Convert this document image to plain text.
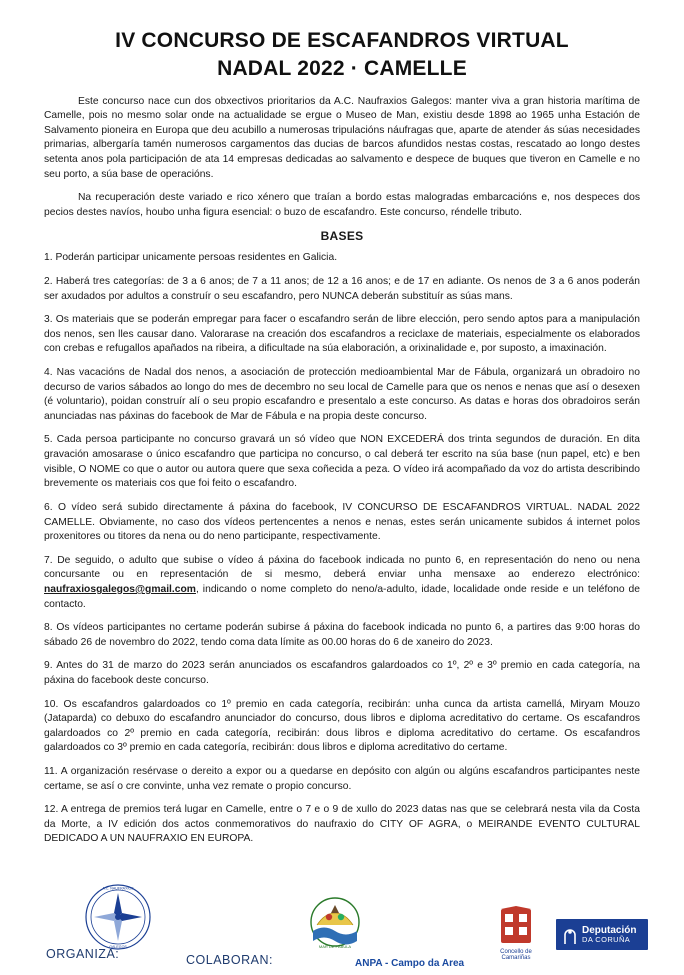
IV CONCURSO DE ESCAFANDROS VIRTUAL
NADAL 2022 · CAMELLE

Este concurso nace cun dos obxectivos prioritarios da A.C. Naufraxios Galegos: manter viva a gran historia marítima de Camelle, pois no mesmo solar onde na actualidade se ergue o Museo de Man, existiu desde 1898 ao 1965 unha Estación de Salvamento pioneira en Europa que deu acubillo a numerosas tripulacións náufragas que, aparte de atender ás súas necesidades primarias, albergaría tamén numerosos cargamentos das ducias de barcos afundidos nestas costas, rescatado ao longo destes setenta anos pola participación de ata 14 empresas dedicadas ao salvamento e despece de buques que tiveron en Camelle e no seu porto, a súa base de operacións.

Na recuperación deste variado e rico xénero que traían a bordo estas malogradas embarcacións e, nos despeces dos pecios destes navíos, houbo unha figura esencial: o buzo de escafandro. Este concurso, réndelle tributo.

BASES

1. Poderán participar unicamente persoas residentes en Galicia.

2. Haberá tres categorías: de 3 a 6 anos; de 7 a 11 anos; de 12 a 16 anos; e de 17 en adiante. Os nenos de 3 a 6 anos poderán ser axudados por adultos a construír o seu escafandro, pero NUNCA deberán substituír as súas mans.

3. Os materiais que se poderán empregar para facer o escafandro serán de libre elección, pero sendo aptos para a manipulación dos nenos, sen lles causar dano. Valorarase na creación dos escafandros a reciclaxe de materiais, especialmente os elaborados con crebas e refugallos apañados na ribeira, a dificultade na súa elaboración, a orixinalidade e, por suposto, a imaxinación.

4. Nas vacacións de Nadal dos nenos, a asociación de protección medioambiental Mar de Fábula, organizará un obradoiro no decurso de varios sábados ao longo do mes de decembro no seu local de Camelle para que os nenos e nenas que así o desexen (é voluntario), poidan construír alí o seu propio escafandro e presentalo a este concurso. As datas e horas dos obradoiros serán anunciadas nas páxinas do facebook de Mar de Fábula e na propia deste concurso.

5. Cada persoa participante no concurso gravará un só vídeo que NON EXCEDERÁ dos trinta segundos de duración. En dita gravación amosarase o único escafandro que participa no concurso, o cal deberá ter escrito na súa base (nun papel, etc) e ben visible, O NOME co que o autor ou autora quere que sexa coñecida a peza. O vídeo irá acompañado da voz do artista describindo brevemente os materiais cos que foi feito o escafandro.

6. O vídeo será subido directamente á páxina do facebook, IV CONCURSO DE ESCAFANDROS VIRTUAL. NADAL 2022 CAMELLE. Obviamente, no caso dos vídeos pertencentes a nenos e nenas, estes serán unicamente subidos á internet polos proxenitores ou titores da nena ou do neno participante, respectivamente.

7. De seguido, o adulto que subise o vídeo á páxina do facebook indicada no punto 6, en representación do neno ou nena concursante ou en representación de si mesmo, deberá enviar unha mensaxe ao enderezo electrónico: naufraxiosgalegos@gmail.com, indicando o nome completo do neno/a-adulto, idade, localidade onde reside e un teléfono de contacto.

8. Os vídeos participantes no certame poderán subirse á páxina do facebook indicada no punto 6, a partires das 9:00 horas do sábado 26 de novembro do 2022, tendo coma data límite as 00.00 horas do 6 de xaneiro do 2023.

9. Antes do 31 de marzo do 2023 serán anunciados os escafandros galardoados co 1º, 2º e 3º premio en cada categoría, na páxina do facebook deste concurso.

10. Os escafandros galardoados co 1º premio en cada categoría, recibirán: unha cunca da artista camellá, Miryam Mouzo (Jataparda) co debuxo do escafandro anunciador do concurso, dous libros e diploma acreditativo do certame. Os escafandros galardoados co 2º premio en cada categoría, recibirán: dous libros e diploma acreditativo do certame. Os escafandros galardoados co 3º premio en cada categoría, recibirán: dous libros e diploma acreditativo do certame.

11. A organización resérvase o dereito a expor ou a quedarse en depósito con algún ou algúns escafandros participantes neste certame, se así o cre convinte, unha vez remate o propio concurso.

12. A entrega de premios terá lugar en Camelle, entre o 7 e o 9 de xullo do 2023 datas nas que se celebrará nesta vila da Costa da Morte, a IV edición dos actos conmemorativos do naufraxio do CITY OF AGRA, o MEIRANDE EVENTO CULTURAL DEDICADO A UN NAUFRAXIO EN EUROPA.

ORGANIZA:	COLABORAN:
A.C. NAUFRAXIOS
GALEGOS	MAR DE FÁBULA
ANPA - Campo da Area
Concello de Camariñas
Deputación
DA CORUÑA
